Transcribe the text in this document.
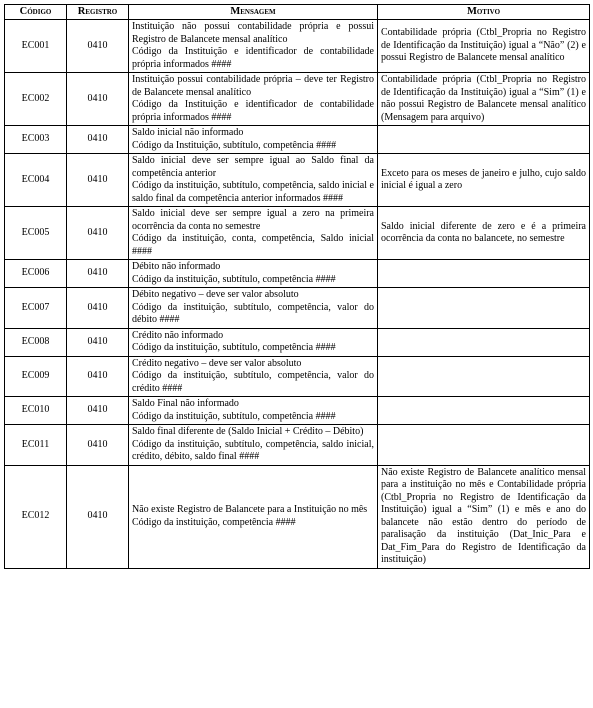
Código	Registro	Mensagem	Motivo
EC001	0410	Instituição não possui contabilidade própria e possui Registro de Balancete mensal analítico
Código da Instituição e identificador de contabilidade própria informados ####	Contabilidade própria (Ctbl_Propria no Registro de Identificação da Instituição) igual a “Não” (2) e possui Registro de Balancete mensal analítico

EC002	0410	Instituição possui contabilidade própria – deve ter Registro de Balancete mensal analítico
Código da Instituição e identificador de contabilidade própria informados ####	Contabilidade própria (Ctbl_Propria no Registro de Identificação da Instituição) igual a “Sim” (1) e não possui Registro de Balancete mensal analítico (Mensagem para arquivo)

EC003	0410	Saldo inicial não informado
Código da Instituição, subtítulo, competência ####	

EC004	0410	Saldo inicial deve ser sempre igual ao Saldo final da competência anterior
Código da instituição, subtítulo, competência, saldo inicial e saldo final da competência anterior informados ####	Exceto para os meses de janeiro e julho, cujo saldo inicial é igual a zero

EC005	0410	Saldo inicial deve ser sempre igual a zero na primeira ocorrência da conta no semestre
Código da instituição, conta, competência, Saldo inicial ####	Saldo inicial diferente de zero e é a primeira ocorrência da conta no balancete, no semestre

EC006	0410	Débito não informado
Código da instituição, subtítulo, competência ####	

EC007	0410	Débito negativo – deve ser valor absoluto
Código da instituição, subtítulo, competência, valor do débito ####	

EC008	0410	Crédito não informado
Código da instituição, subtítulo, competência ####	

EC009	0410	Crédito negativo – deve ser valor absoluto
Código da instituição, subtítulo, competência, valor do crédito ####	

EC010	0410	Saldo Final não informado
Código da instituição, subtítulo, competência ####	

EC011	0410	Saldo final diferente de (Saldo Inicial + Crédito – Débito)
Código da instituição, subtítulo, competência, saldo inicial, crédito, débito, saldo final ####	

EC012	0410	Não existe Registro de Balancete para a Instituição no mês
Código da instituição, competência ####	Não existe Registro de Balancete analítico mensal para a instituição no mês e Contabilidade própria (Ctbl_Propria no Registro de Identificação da Instituição) igual a “Sim” (1) e mês e ano do balancete não estão dentro do período de paralisação da instituição (Dat_Inic_Para e Dat_Fim_Para do Registro de Identificação da instituição)
